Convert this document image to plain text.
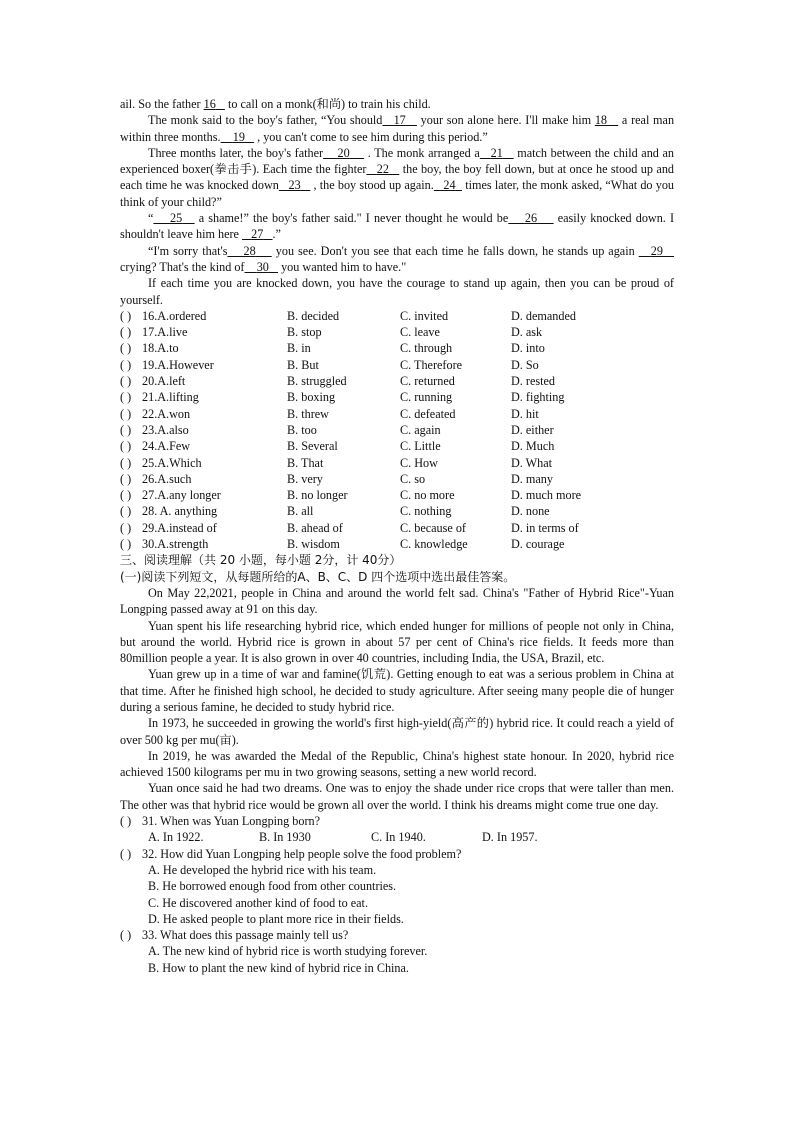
ail. So the father 16    to call on a monk(和尚) to train his child.

The monk said to the boy's father, “You should 17    your son alone here. I'll make him 18    a real man within three months. 19    , you can't come to see him during this period.”

Three months later, the boy's father 20     . The monk arranged a 21    match between the child and an experienced boxer(拳击手). Each time the fighter 22    the boy, the boy fell down, but at once he stood up and each time he was knocked down 23    , the boy stood up again. 24   times later, the monk asked, “What do you think of your child?”

“ 25    a shame!” the boy's father said." I never thought he would be 26     easily knocked down. I shouldn't leave him here    27 .”

“I'm sorry that's 28     you see. Don't you see that each time he falls down, he stands up again    29    crying? That's the kind of 30    you wanted him to have."

If each time you are knocked down, you have the courage to stand up again, then you can be proud of yourself.

( ) 16.A.ordered	B. decided	C. invited	D. demanded
( ) 17.A.live	B. stop	C. leave	D. ask
( ) 18.A.to	B. in	C. through	D. into
( ) 19.A.However	B. But	C. Therefore	D. So
( ) 20.A.left	B. struggled	C. returned	D. rested
( ) 21.A.lifting	B. boxing	C. running	D. fighting
( ) 22.A.won	B. threw	C. defeated	D. hit
( ) 23.A.also	B. too	C. again	D. either
( ) 24.A.Few	B. Several	C. Little	D. Much
( ) 25.A.Which	B. That	C. How	D. What
( ) 26.A.such	B. very	C. so	D. many
( ) 27.A.any longer	B. no longer	C. no more	D. much more
( ) 28. A. anything	B. all	C. nothing	D. none
( ) 29.A.instead of	B. ahead of	C. because of	D. in terms of
( ) 30.A.strength	B. wisdom	C. knowledge	D. courage

三、阅读理解（共 20 小题，每小题 2分，计 40分）

(一)阅读下列短文，从每题所给的A、B、C、D 四个选项中选出最佳答案。

On May 22,2021, people in China and around the world felt sad. China's "Father of Hybrid Rice"-Yuan Longping passed away at 91 on this day.

Yuan spent his life researching hybrid rice, which ended hunger for millions of people not only in China, but around the world. Hybrid rice is grown in about 57 per cent of China's rice fields. It feeds more than 80million people a year. It is also grown in over 40 countries, including India, the USA, Brazil, etc.

Yuan grew up in a time of war and famine(饥荒). Getting enough to eat was a serious problem in China at that time. After he finished high school, he decided to study agriculture. After seeing many people die of hunger during a serious famine, he decided to study hybrid rice.

In 1973, he succeeded in growing the world's first high-yield(高产的) hybrid rice. It could reach a yield of over 500 kg per mu(亩).

In 2019, he was awarded the Medal of the Republic, China's highest state honour. In 2020, hybrid rice achieved 1500 kilograms per mu in two growing seasons, setting a new world record.

Yuan once said he had two dreams. One was to enjoy the shade under rice crops that were taller than men. The other was that hybrid rice would be grown all over the world. I think his dreams might come true one day.

( ) 31. When was Yuan Longping born?
A. In 1922.	B. In 1930	C. In 1940.	D. In 1957.
( ) 32. How did Yuan Longping help people solve the food problem?

A. He developed the hybrid rice with his team.

B. He borrowed enough food from other countries.

C. He discovered another kind of food to eat.

D. He asked people to plant more rice in their fields.

( ) 33. What does this passage mainly tell us?

A. The new kind of hybrid rice is worth studying forever.

B. How to plant the new kind of hybrid rice in China.
